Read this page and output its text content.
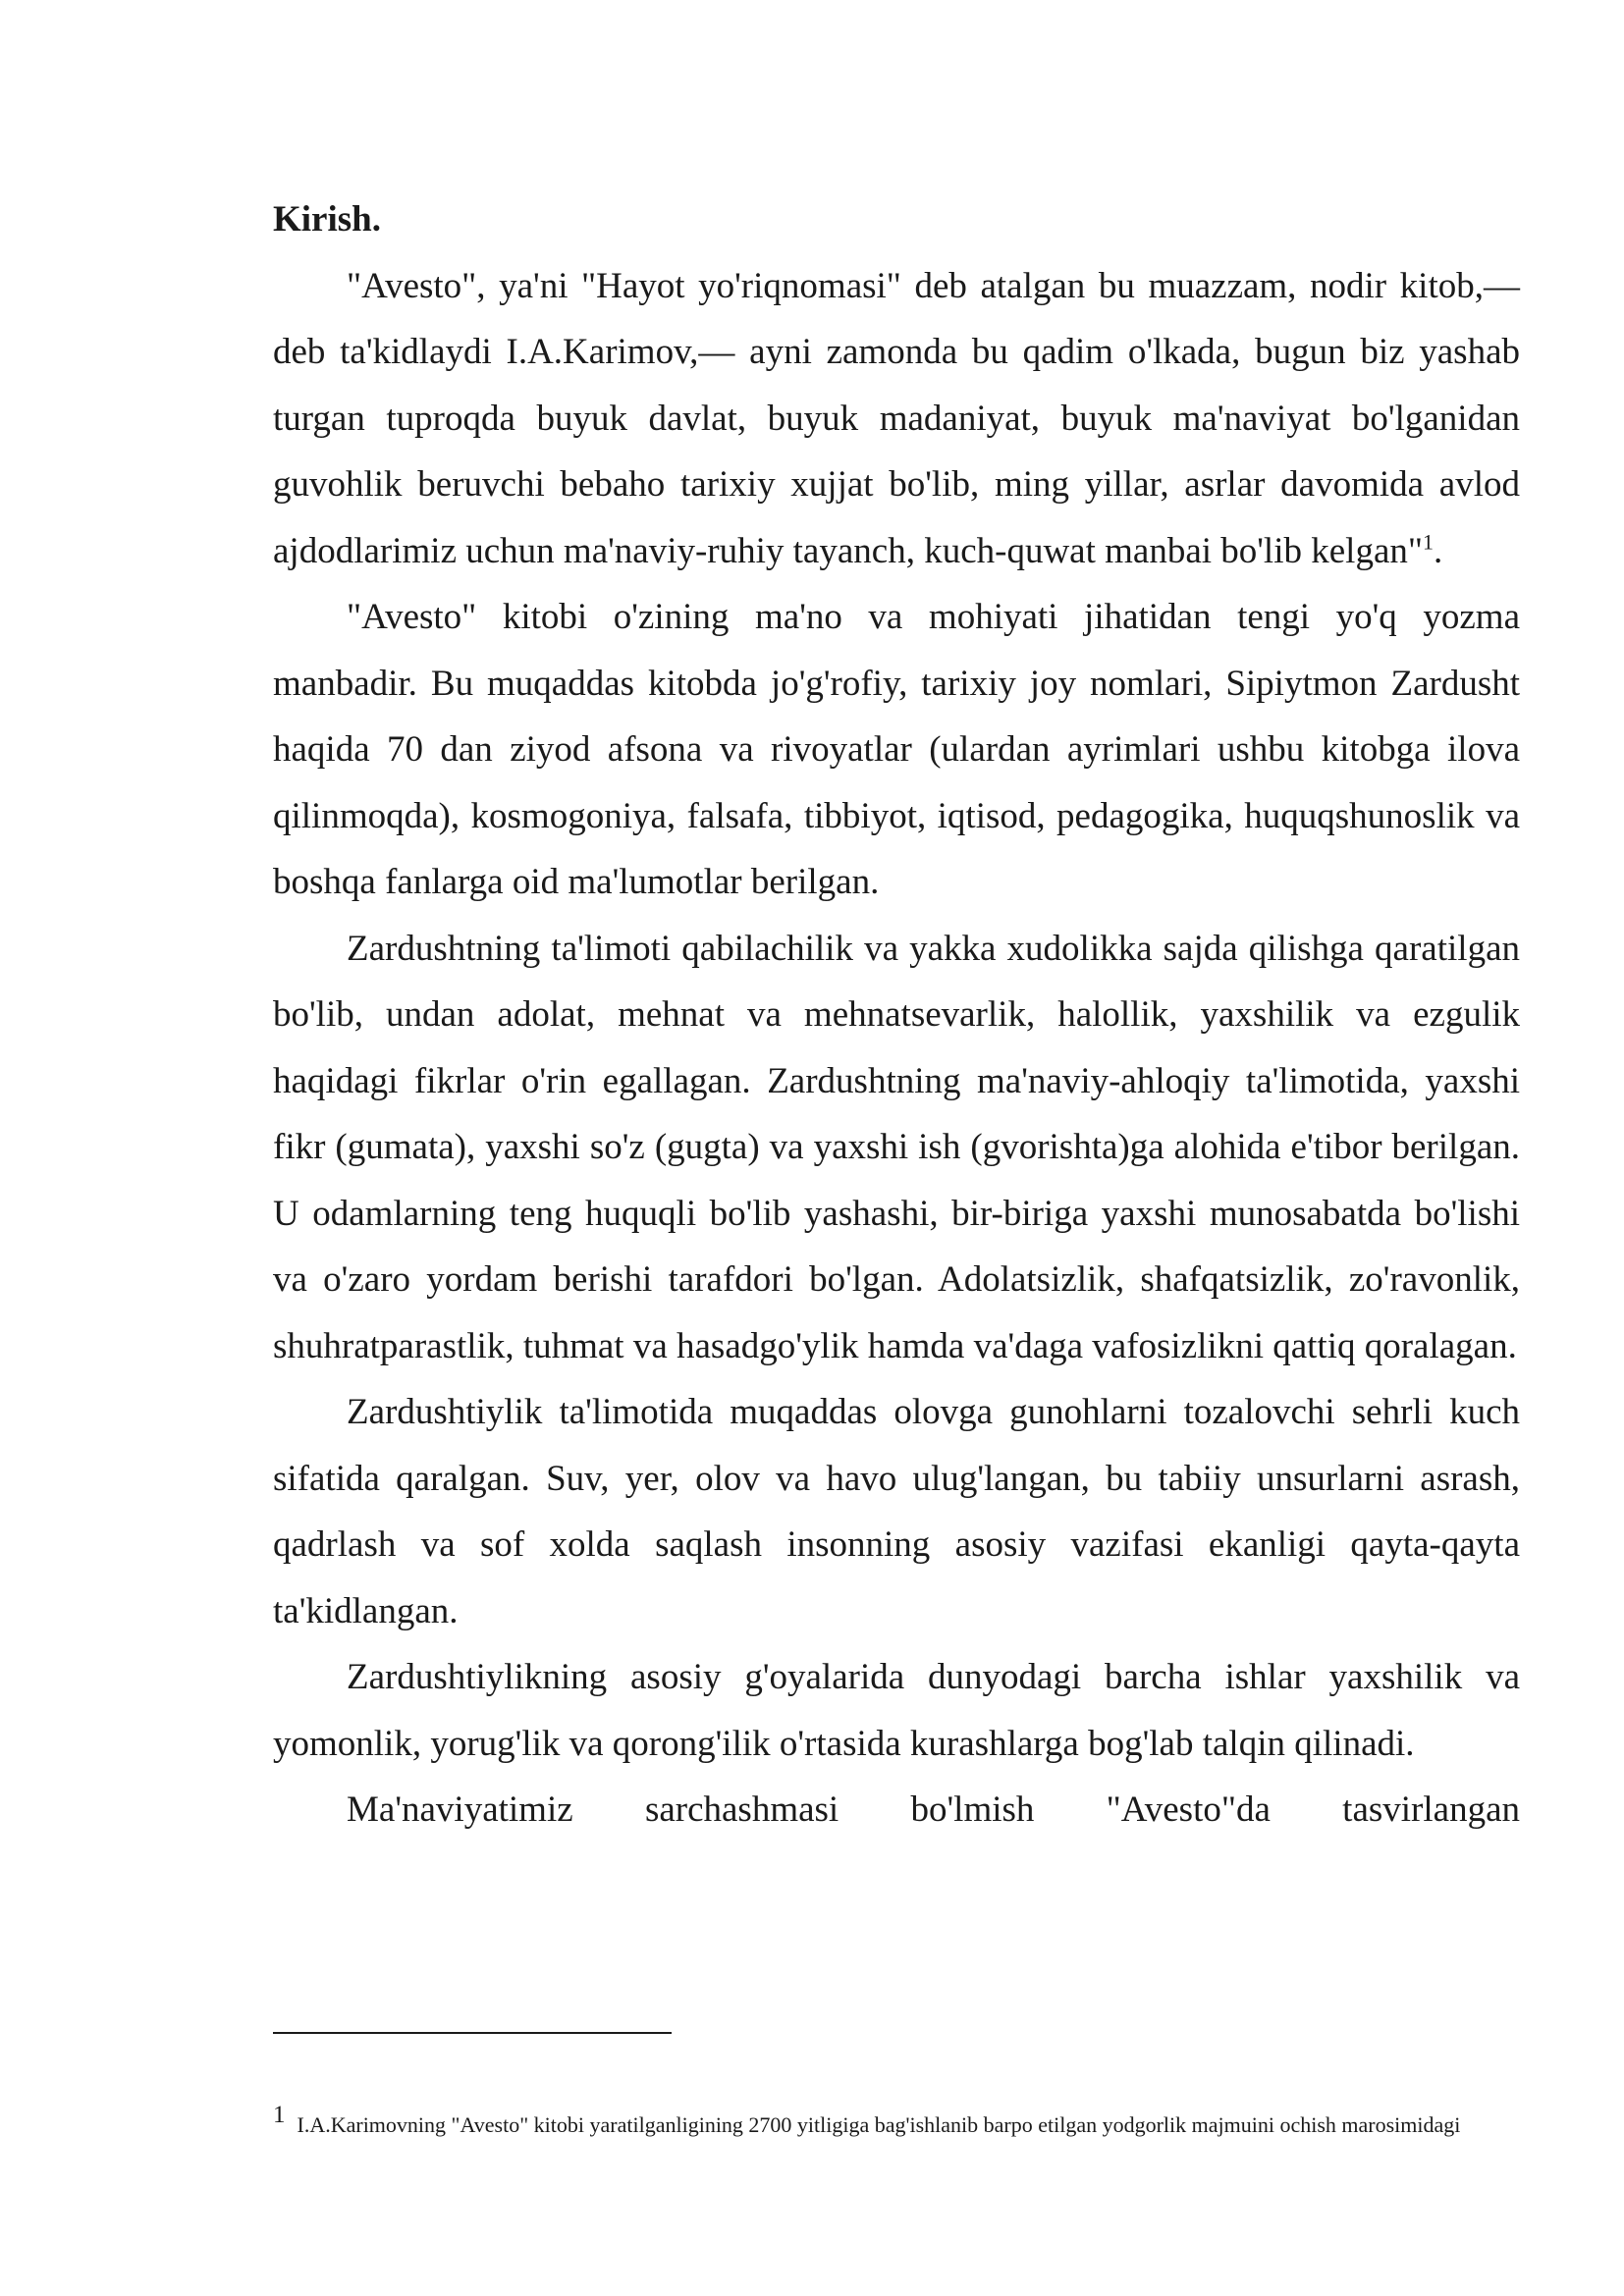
Kirish.

"Avesto", ya'ni "Hayot yo'riqnomasi" deb atalgan bu muazzam, nodir kitob,— deb ta'kidlaydi I.A.Karimov,— ayni zamonda bu qadim o'lkada, bugun biz yashab turgan tuproqda buyuk davlat, buyuk madaniyat, buyuk ma'naviyat bo'lganidan guvohlik beruvchi bebaho tarixiy xujjat bo'lib, ming yillar, asrlar davomida avlod ajdodlarimiz uchun ma'naviy-ruhiy tayanch, kuch-quwat manbai bo'lib kelgan"$^1$.

"Avesto" kitobi o'zining ma'no va mohiyati jihatidan tengi yo'q yozma manbadir. Bu muqaddas kitobda jo'g'rofiy, tarixiy joy nomlari, Sipiytmon Zardusht haqida 70 dan ziyod afsona va rivoyatlar (ulardan ayrimlari ushbu kitobga ilova qilinmoqda), kosmogoniya, falsafa, tibbiyot, iqtisod, pedagogika, huquqshunoslik va boshqa fanlarga oid ma'lumotlar berilgan.

Zardushtning ta'limoti qabilachilik va yakka xudolikka sajda qilishga qaratilgan bo'lib, undan adolat, mehnat va mehnatsevarlik, halollik, yaxshilik va ezgulik haqidagi fikrlar o'rin egallagan. Zardushtning ma'naviy-ahloqiy ta'limotida, yaxshi fikr (gumata), yaxshi so'z (gugta) va yaxshi ish (gvorishta)ga alohida e'tibor berilgan. U odamlarning teng huquqli bo'lib yashashi, bir-biriga yaxshi munosabatda bo'lishi va o'zaro yordam berishi tarafdori bo'lgan. Adolatsizlik, shafqatsizlik, zo'ravonlik, shuhratparastlik, tuhmat va hasadgo'ylik hamda va'daga vafosizlikni qattiq qoralagan.

Zardushtiylik ta'limotida muqaddas olovga gunohlarni tozalovchi sehrli kuch sifatida qaralgan. Suv, yer, olov va havo ulug'langan, bu tabiiy unsurlarni asrash, qadrlash va sof xolda saqlash insonning asosiy vazifasi ekanligi qayta-qayta ta'kidlangan.

Zardushtiylikning asosiy g'oyalarida dunyodagi barcha ishlar yaxshilik va yomonlik, yorug'lik va qorong'ilik o'rtasida kurashlarga bog'lab talqin qilinadi.

Ma'naviyatimiz sarchashmasi bo'lmish "Avesto"da tasvirlangan

1 I.A.Karimovning "Avesto" kitobi yaratilganligining 2700 yitligiga bag'ishlanib barpo etilgan yodgorlik majmuini ochish marosimidagi
